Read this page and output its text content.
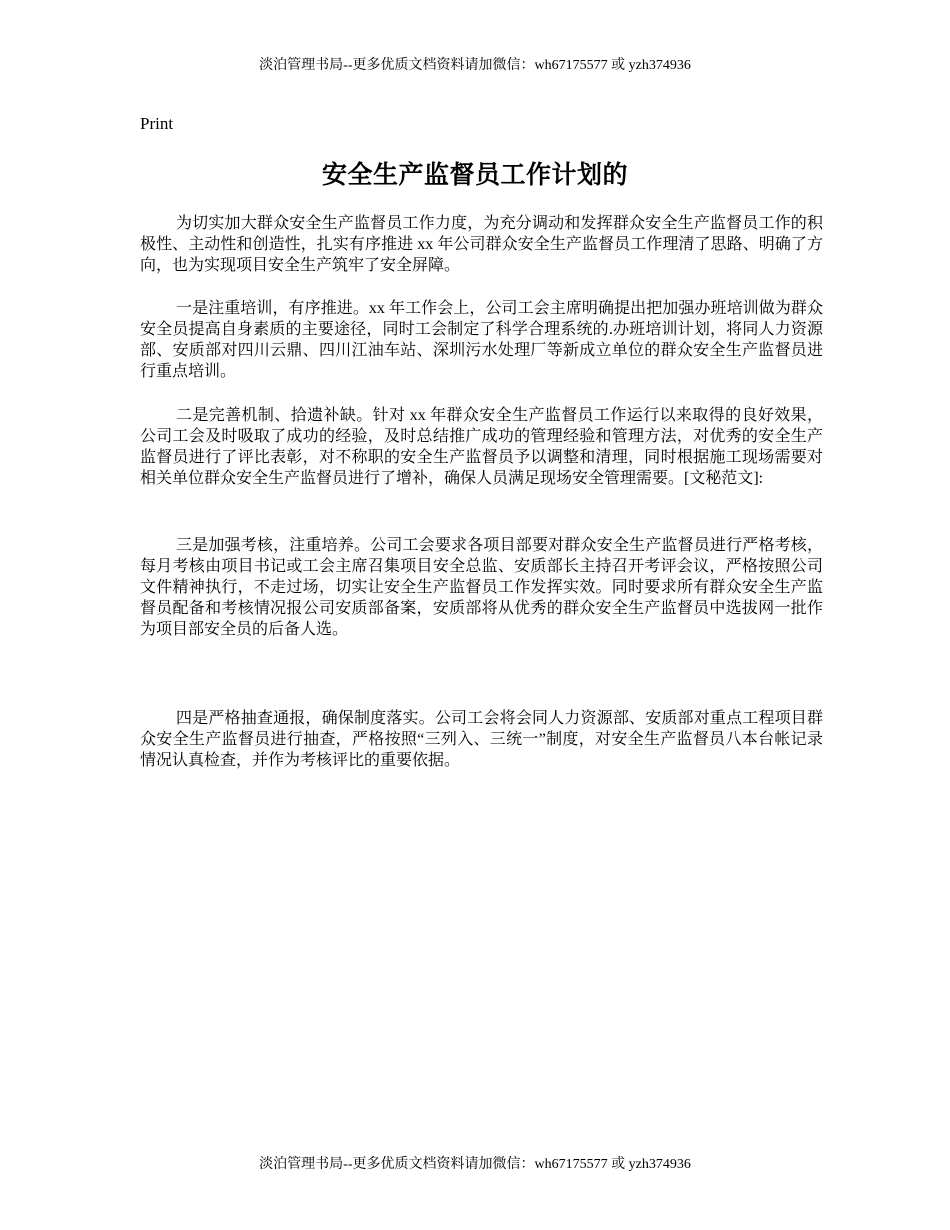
淡泊管理书局--更多优质文档资料请加微信：wh67175577 或 yzh374936
Print
安全生产监督员工作计划的

为切实加大群众安全生产监督员工作力度，为充分调动和发挥群众安全生产监督员工作的积极性、主动性和创造性，扎实有序推进 xx 年公司群众安全生产监督员工作理清了思路、明确了方向，也为实现项目安全生产筑牢了安全屏障。

一是注重培训，有序推进。xx 年工作会上，公司工会主席明确提出把加强办班培训做为群众安全员提高自身素质的主要途径，同时工会制定了科学合理系统的.办班培训计划，将同人力资源部、安质部对四川云鼎、四川江油车站、深圳污水处理厂等新成立单位的群众安全生产监督员进行重点培训。

二是完善机制、拾遗补缺。针对 xx 年群众安全生产监督员工作运行以来取得的良好效果，公司工会及时吸取了成功的经验，及时总结推广成功的管理经验和管理方法，对优秀的安全生产监督员进行了评比表彰，对不称职的安全生产监督员予以调整和清理，同时根据施工现场需要对相关单位群众安全生产监督员进行了增补，确保人员满足现场安全管理需要。[文秘范文]:

三是加强考核，注重培养。公司工会要求各项目部要对群众安全生产监督员进行严格考核，每月考核由项目书记或工会主席召集项目安全总监、安质部长主持召开考评会议，严格按照公司文件精神执行，不走过场，切实让安全生产监督员工作发挥实效。同时要求所有群众安全生产监督员配备和考核情况报公司安质部备案，安质部将从优秀的群众安全生产监督员中选拔网一批作为项目部安全员的后备人选。

四是严格抽查通报，确保制度落实。公司工会将会同人力资源部、安质部对重点工程项目群众安全生产监督员进行抽查，严格按照“三列入、三统一”制度，对安全生产监督员八本台帐记录情况认真检查，并作为考核评比的重要依据。

淡泊管理书局--更多优质文档资料请加微信：wh67175577 或 yzh374936
